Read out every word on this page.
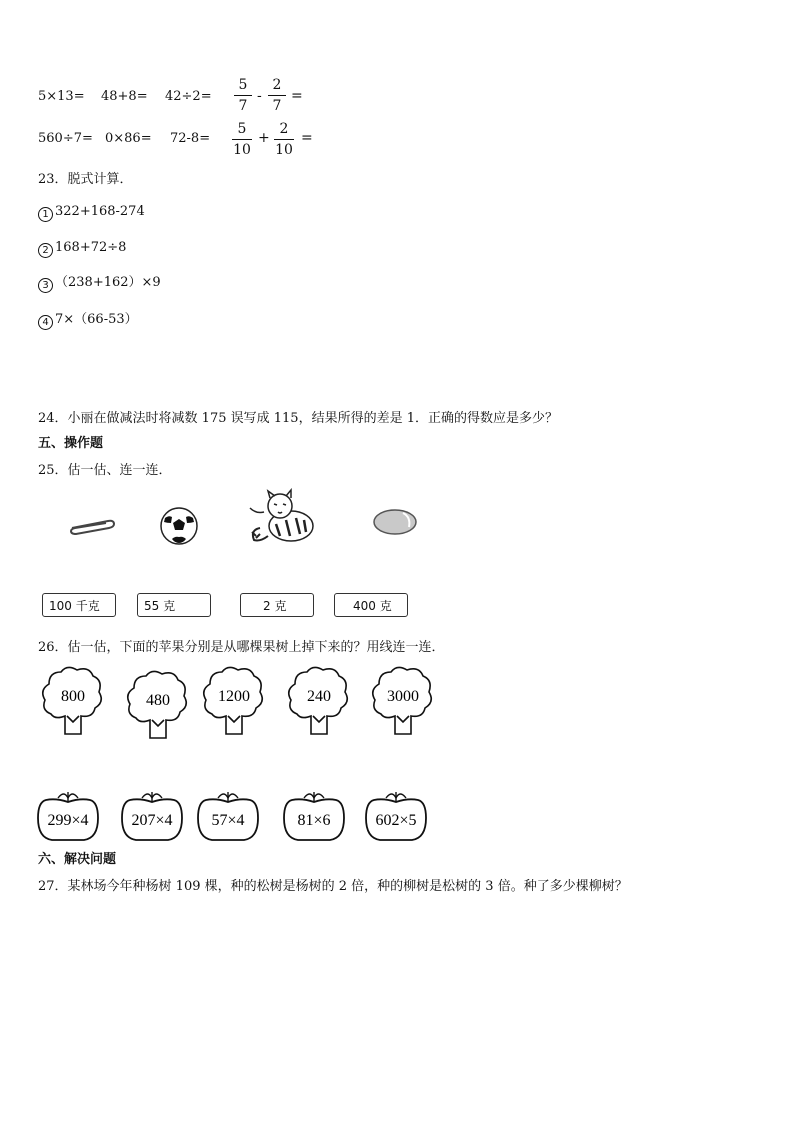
5×13= 48+8= 42÷2=
5
7
-
2
7
=
560÷7= 0×86= 72-8=
5
10
+
2
10
=
23．脱式计算．
1 322+168-274
2 168+72÷8
3 （238+162）×9
4 7×（66-53）
24．小丽在做减法时将减数 175 误写成 115，结果所得的差是 1．正确的得数应是多少？
五、操作题
25．估一估、连一连．
100 千克	55 克	2 克	400 克
26．估一估，下面的苹果分别是从哪棵果树上掉下来的？用线连一连．
800	480	1200	240	3000
299×4	207×4 57×4	81×6	602×5
六、解决问题
27．某林场今年种杨树 109 棵，种的松树是杨树的 2 倍，种的柳树是松树的 3 倍。种了多少棵柳树？
